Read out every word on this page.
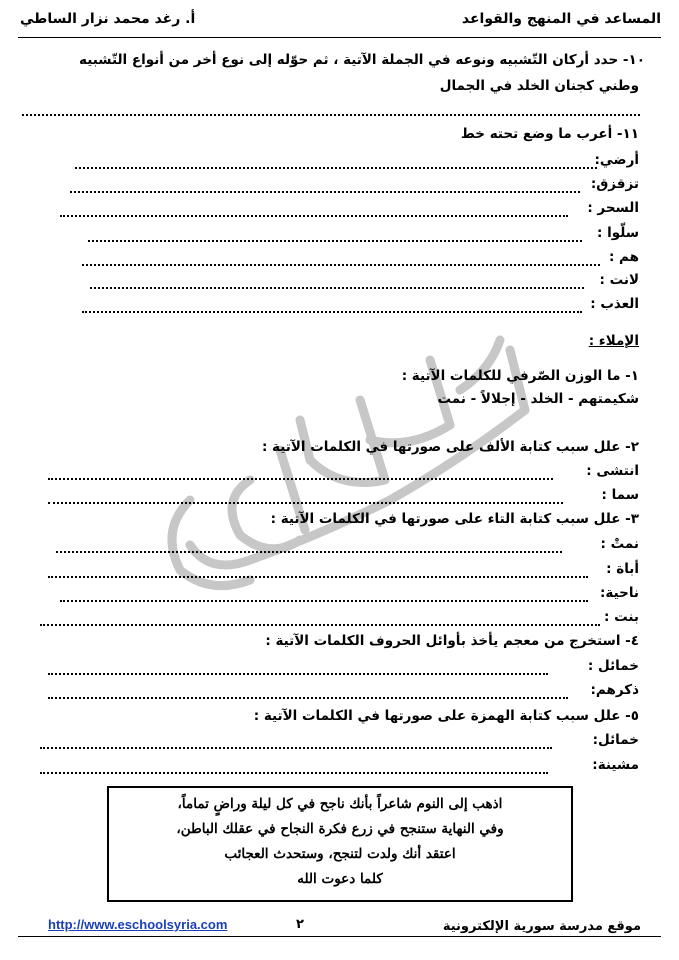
المساعد في المنهج والقواعد
أ. رغد محمد نزار الساطي
١٠- حدد أركان التّشبيه ونوعه في الجملة الآتية ، ثم حوّله إلى نوع أخر من أنواع التّشبيه
وطني كجنان الخلد في الجمال
١١- أعرب ما وضع تحته خط
أرضي:
تزقزق:
السحر :
سلّوا :
هم :
لانت :
العذب :
الإملاء :
١- ما الوزن الصّرفي للكلمات الآتية :
شكيمتهم - الخلد - إجلالاً - نمت
٢- علل سبب كتابة الألف على صورتها في الكلمات الآتية :
انتشى :
سما :
٣- علل سبب كتابة التاء على صورتها في الكلمات الآتية :
نمتْ :
أباة :
ناحية:
بنت :
٤- استخرج من معجم يأخذ بأوائل الحروف الكلمات الآتية :
خمائل :
ذكرهم:
٥- علل سبب كتابة الهمزة على صورتها في الكلمات الآتية :
خمائل:
مشينة:
اذهب إلى النوم شاعراً بأنك ناجح في كل ليلة وراضٍ تماماً،
وفي النهاية ستنجح في زرع فكرة النجاح في عقلك الباطن،
اعتقد أنك ولدت لتنجح، وستحدث العجائب
كلما دعوت الله
http://www.eschoolsyria.com	٢	موقع مدرسة سورية الإلكترونية
